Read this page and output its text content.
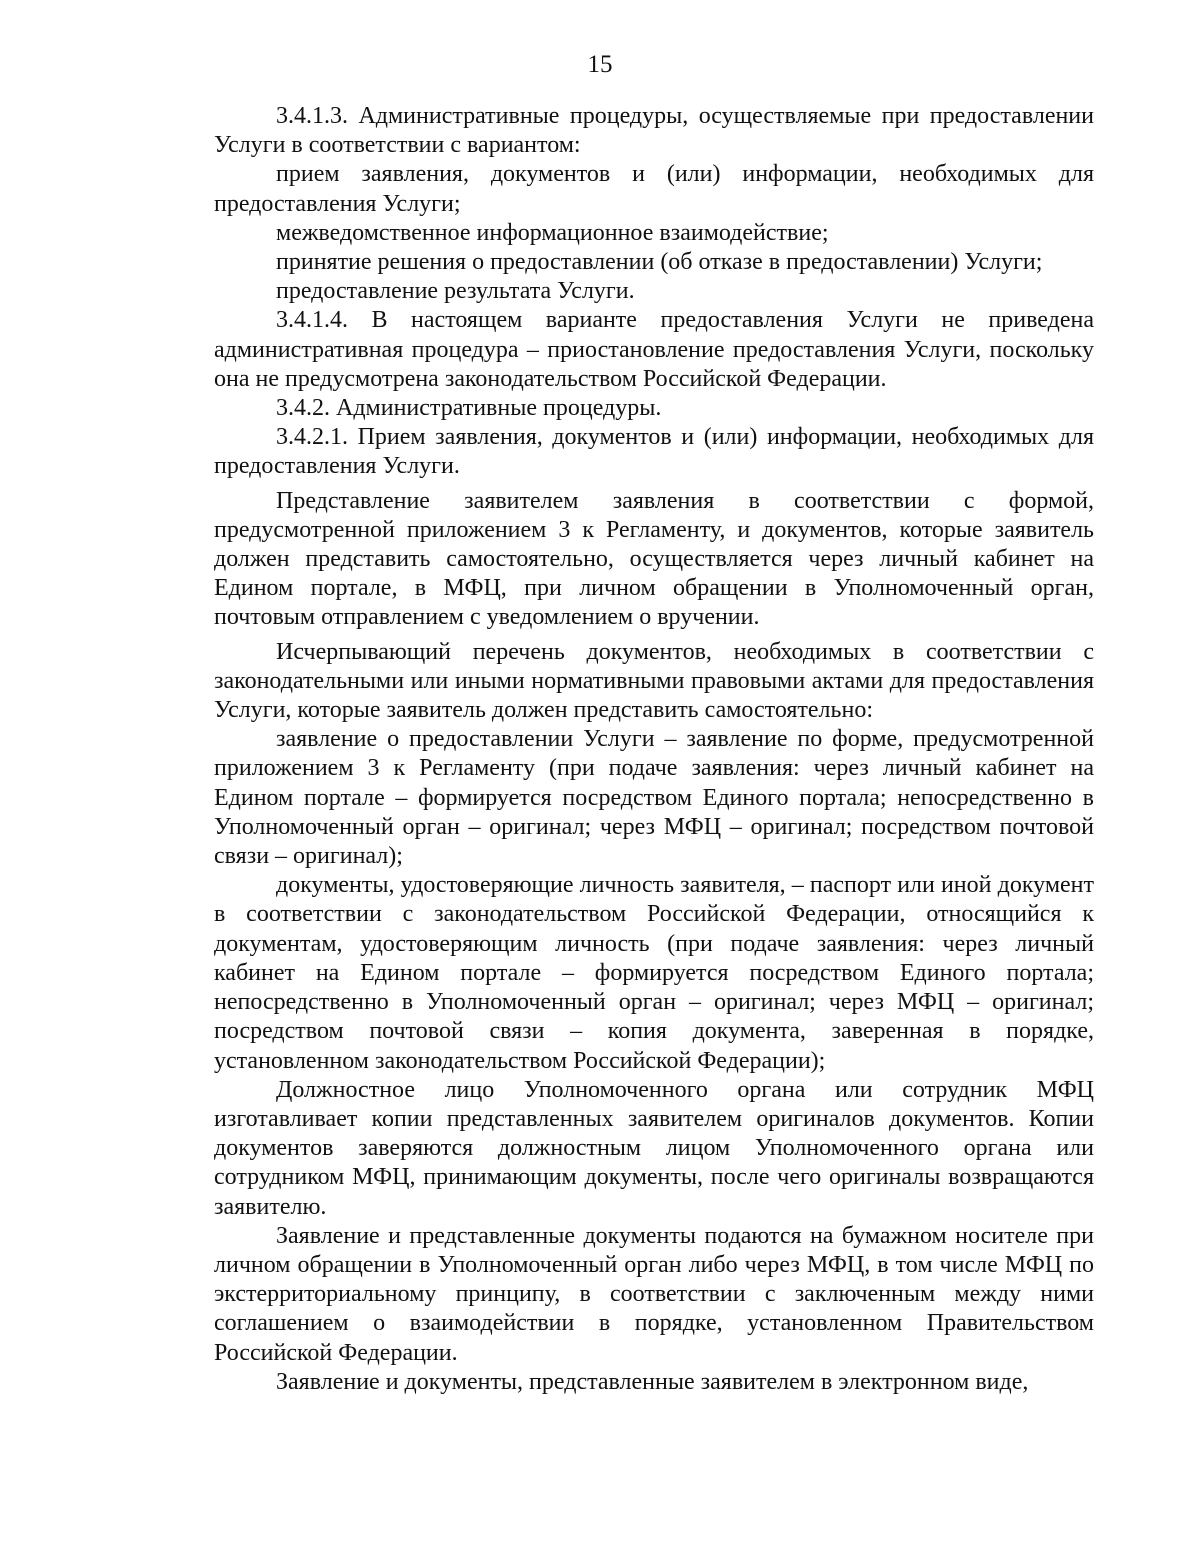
15

3.4.1.3. Административные процедуры, осуществляемые при предоставлении Услуги в соответствии с вариантом:

прием заявления, документов и (или) информации, необходимых для предоставления Услуги;

межведомственное информационное взаимодействие;

принятие решения о предоставлении (об отказе в предоставлении) Услуги;

предоставление результата Услуги.

3.4.1.4. В настоящем варианте предоставления Услуги не приведена административная процедура – приостановление предоставления Услуги, поскольку она не предусмотрена законодательством Российской Федерации.

3.4.2. Административные процедуры.

3.4.2.1. Прием заявления, документов и (или) информации, необходимых для предоставления Услуги.

Представление заявителем заявления в соответствии с формой, предусмотренной приложением 3 к Регламенту, и документов, которые заявитель должен представить самостоятельно, осуществляется через личный кабинет на Едином портале, в МФЦ, при личном обращении в Уполномоченный орган, почтовым отправлением с уведомлением о вручении.

Исчерпывающий перечень документов, необходимых в соответствии с законодательными или иными нормативными правовыми актами для предоставления Услуги, которые заявитель должен представить самостоятельно:

заявление о предоставлении Услуги – заявление по форме, предусмотренной приложением 3 к Регламенту (при подаче заявления: через личный кабинет на Едином портале – формируется посредством Единого портала; непосредственно в Уполномоченный орган – оригинал; через МФЦ – оригинал; посредством почтовой связи – оригинал);

документы, удостоверяющие личность заявителя, – паспорт или иной документ в соответствии с законодательством Российской Федерации, относящийся к документам, удостоверяющим личность (при подаче заявления: через личный кабинет на Едином портале – формируется посредством Единого портала; непосредственно в Уполномоченный орган – оригинал; через МФЦ – оригинал; посредством почтовой связи – копия документа, заверенная в порядке, установленном законодательством Российской Федерации);

Должностное лицо Уполномоченного органа или сотрудник МФЦ изготавливает копии представленных заявителем оригиналов документов. Копии документов заверяются должностным лицом Уполномоченного органа или сотрудником МФЦ, принимающим документы, после чего оригиналы возвращаются заявителю.

Заявление и представленные документы подаются на бумажном носителе при личном обращении в Уполномоченный орган либо через МФЦ, в том числе МФЦ по экстерриториальному принципу, в соответствии с заключенным между ними соглашением о взаимодействии в порядке, установленном Правительством Российской Федерации.

Заявление и документы, представленные заявителем в электронном виде,
